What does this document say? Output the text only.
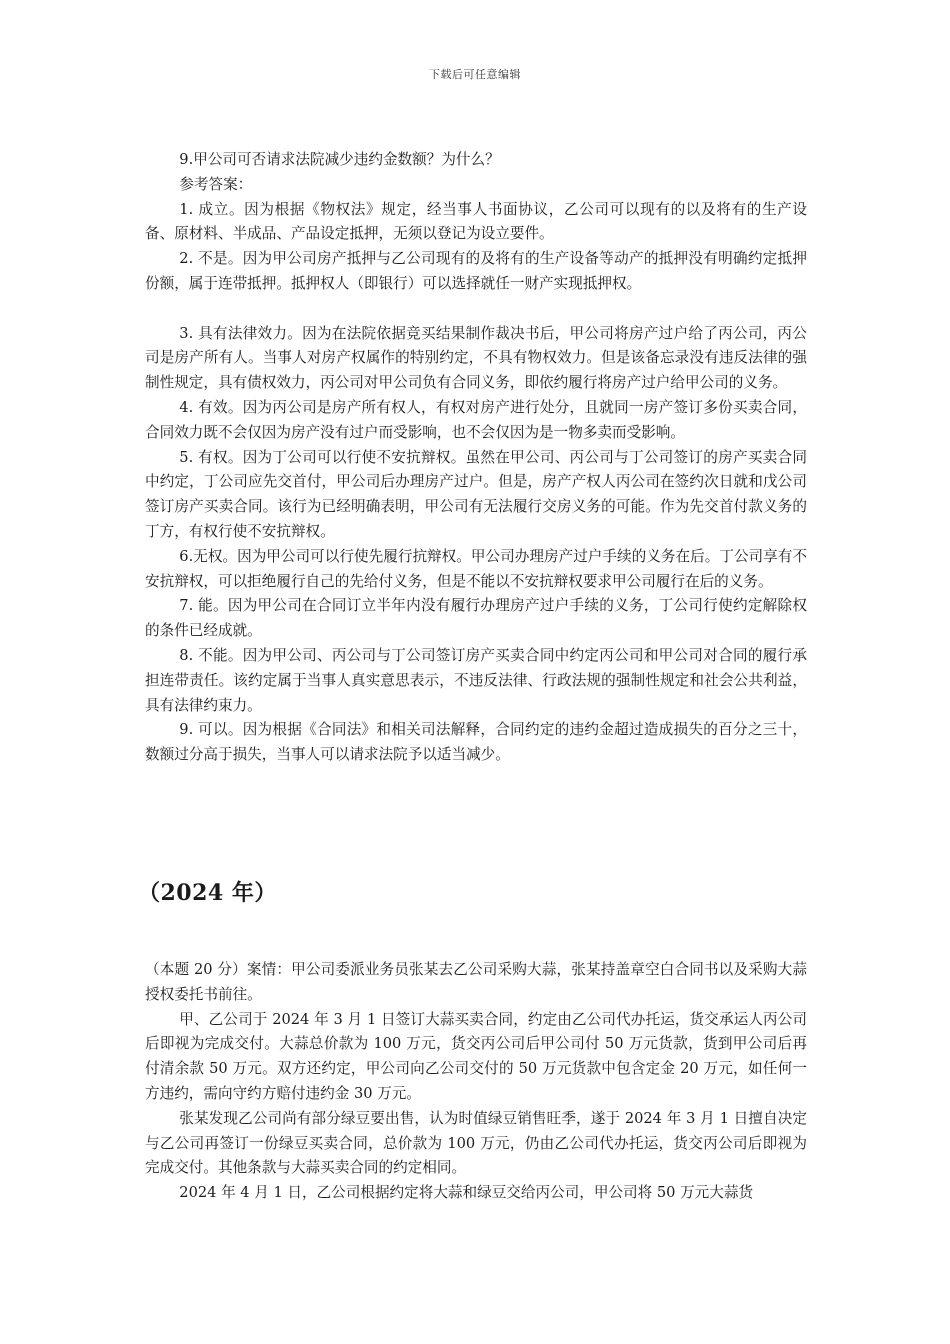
下载后可任意编辑

9.甲公司可否请求法院减少违约金数额？为什么？

参考答案：

1. 成立。因为根据《物权法》规定，经当事人书面协议，乙公司可以现有的以及将有的生产设备、原材料、半成品、产品设定抵押，无须以登记为设立要件。

2. 不是。因为甲公司房产抵押与乙公司现有的及将有的生产设备等动产的抵押没有明确约定抵押份额，属于连带抵押。抵押权人（即银行）可以选择就任一财产实现抵押权。

3. 具有法律效力。因为在法院依据竞买结果制作裁决书后，甲公司将房产过户给了丙公司，丙公司是房产所有人。当事人对房产权属作的特别约定，不具有物权效力。但是该备忘录没有违反法律的强制性规定，具有债权效力，丙公司对甲公司负有合同义务，即依约履行将房产过户给甲公司的义务。

4. 有效。因为丙公司是房产所有权人，有权对房产进行处分，且就同一房产签订多份买卖合同，合同效力既不会仅因为房产没有过户而受影响，也不会仅因为是一物多卖而受影响。

5. 有权。因为丁公司可以行使不安抗辩权。虽然在甲公司、丙公司与丁公司签订的房产买卖合同中约定，丁公司应先交首付，甲公司后办理房产过户。但是，房产产权人丙公司在签约次日就和戊公司签订房产买卖合同。该行为已经明确表明，甲公司有无法履行交房义务的可能。作为先交首付款义务的丁方，有权行使不安抗辩权。

6.无权。因为甲公司可以行使先履行抗辩权。甲公司办理房产过户手续的义务在后。丁公司享有不安抗辩权，可以拒绝履行自己的先给付义务，但是不能以不安抗辩权要求甲公司履行在后的义务。

7. 能。因为甲公司在合同订立半年内没有履行办理房产过户手续的义务，丁公司行使约定解除权的条件已经成就。

8. 不能。因为甲公司、丙公司与丁公司签订房产买卖合同中约定丙公司和甲公司对合同的履行承担连带责任。该约定属于当事人真实意思表示，不违反法律、行政法规的强制性规定和社会公共利益，具有法律约束力。

9. 可以。因为根据《合同法》和相关司法解释，合同约定的违约金超过造成损失的百分之三十，数额过分高于损失，当事人可以请求法院予以适当减少。

（2024 年）

（本题 20 分）案情：甲公司委派业务员张某去乙公司采购大蒜，张某持盖章空白合同书以及采购大蒜授权委托书前往。

甲、乙公司于 2024 年 3 月 1 日签订大蒜买卖合同，约定由乙公司代办托运，货交承运人丙公司后即视为完成交付。大蒜总价款为 100 万元，货交丙公司后甲公司付 50 万元货款，货到甲公司后再付清余款 50 万元。双方还约定，甲公司向乙公司交付的 50 万元货款中包含定金 20 万元，如任何一方违约，需向守约方赔付违约金 30 万元。

张某发现乙公司尚有部分绿豆要出售，认为时值绿豆销售旺季，遂于 2024 年 3 月 1 日擅自决定与乙公司再签订一份绿豆买卖合同，总价款为 100 万元，仍由乙公司代办托运，货交丙公司后即视为完成交付。其他条款与大蒜买卖合同的约定相同。

2024 年 4 月 1 日，乙公司根据约定将大蒜和绿豆交给丙公司，甲公司将 50 万元大蒜货
